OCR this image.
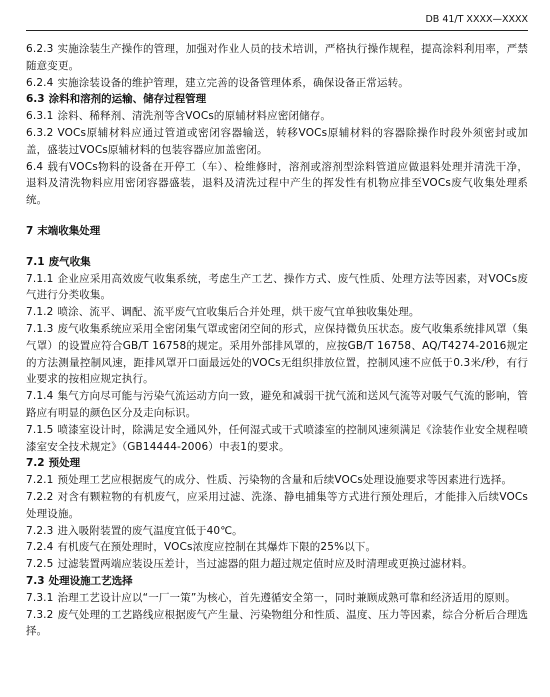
DB 41/T XXXX—XXXX
6.2.3 实施涂装生产操作的管理，加强对作业人员的技术培训，严格执行操作规程，提高涂料利用率，严禁随意变更。
6.2.4 实施涂装设备的维护管理，建立完善的设备管理体系，确保设备正常运转。
6.3 涂料和溶剂的运输、储存过程管理
6.3.1 涂料、稀释剂、清洗剂等含VOCs的原辅材料应密闭储存。
6.3.2 VOCs原辅材料应通过管道或密闭容器输送，转移VOCs原辅材料的容器除操作时段外须密封或加盖，盛装过VOCs原辅材料的包装容器应加盖密闭。
6.4 载有VOCs物料的设备在开停工（车）、检维修时，溶剂或溶剂型涂料管道应做退料处理并清洗干净，退料及清洗物料应用密闭容器盛装，退料及清洗过程中产生的挥发性有机物应排至VOCs废气收集处理系统。
7 末端收集处理
7.1 废气收集
7.1.1 企业应采用高效废气收集系统，考虑生产工艺、操作方式、废气性质、处理方法等因素，对VOCs废气进行分类收集。
7.1.2 喷涂、流平、调配、流平废气宜收集后合并处理，烘干废气宜单独收集处理。
7.1.3 废气收集系统应采用全密闭集气罩或密闭空间的形式，应保持微负压状态。废气收集系统排风罩（集气罩）的设置应符合GB/T 16758的规定。采用外部排风罩的，应按GB/T 16758、AQ/T4274-2016规定的方法测量控制风速，距排风罩开口面最远处的VOCs无组织排放位置，控制风速不应低于0.3米/秒，有行业要求的按相应规定执行。
7.1.4 集气方向尽可能与污染气流运动方向一致，避免和减弱干扰气流和送风气流等对吸气气流的影响，管路应有明显的颜色区分及走向标识。
7.1.5 喷漆室设计时，除满足安全通风外，任何湿式或干式喷漆室的控制风速须满足《涂装作业安全规程喷漆室安全技术规定》（GB14444-2006）中表1的要求。
7.2 预处理
7.2.1 预处理工艺应根据废气的成分、性质、污染物的含量和后续VOCs处理设施要求等因素进行选择。
7.2.2 对含有颗粒物的有机废气，应采用过滤、洗涤、静电捕集等方式进行预处理后，才能排入后续VOCs处理设施。
7.2.3 进入吸附装置的废气温度宜低于40℃。
7.2.4 有机废气在预处理时，VOCs浓度应控制在其爆炸下限的25%以下。
7.2.5 过滤装置两端应装设压差计，当过滤器的阻力超过规定值时应及时清理或更换过滤材料。
7.3 处理设施工艺选择
7.3.1 治理工艺设计应以“一厂一策”为核心，首先遵循安全第一，同时兼顾成熟可靠和经济适用的原则。
7.3.2 废气处理的工艺路线应根据废气产生量、污染物组分和性质、温度、压力等因素，综合分析后合理选择。
